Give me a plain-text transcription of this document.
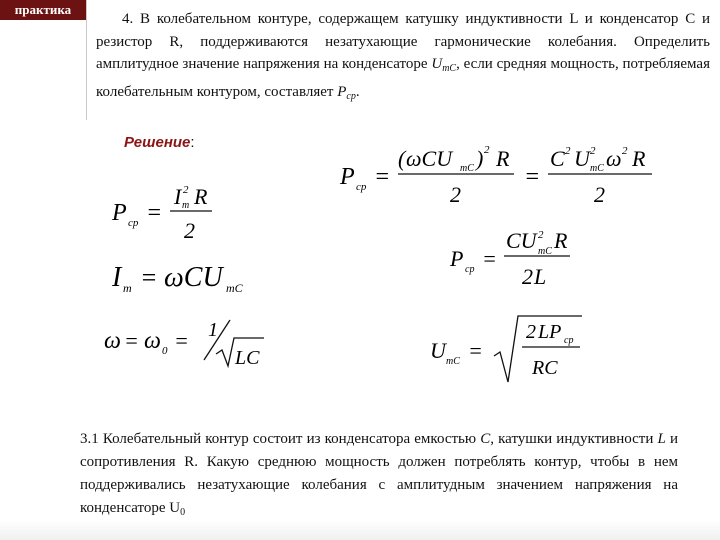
практика
4. В колебательном контуре, содержащем катушку индуктивности L и конденсатор C и резистор R, поддерживаются незатухающие гармонические колебания. Определить амплитудное значение напряжения на конденсаторе $U_{mC}$, если средняя мощность, потребляемая колебательным контуром, составляет $P_{ср}$.
Решение:
P ср =
I m
2 R
2
I m = ωCU mC
ω = ω 0 = 1
LC
P ср =
( ωCU mC ) 2 R
2
=
C 2 U 2
mC ω 2 R
2
P ср =
CU 2
mC R
2 L
U mC =
2 LP ср
RC
3.1 Колебательный контур состоит из конденсатора емкостью C, катушки индуктивности L и сопротивления R. Какую среднюю мощность должен потреблять контур, чтобы в нем поддерживались незатухающие колебания с амплитудным значением напряжения на конденсаторе $U_0$
